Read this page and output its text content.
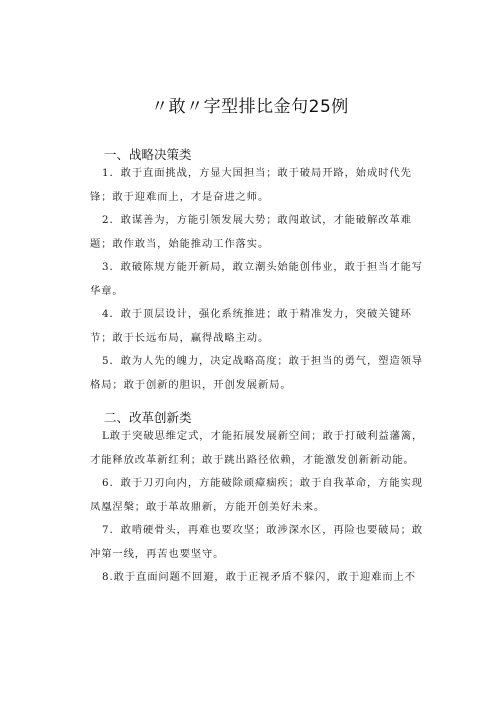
〃敢〃字型排比金句25例
一、战略决策类

1．敢于直面挑战，方显大国担当；敢于破局开路，始成时代先锋；敢于迎难而上，才是奋进之师。

2．敢谋善为，方能引领发展大势；敢闯敢试，才能破解改革难题；敢作敢当，始能推动工作落实。

3．敢破陈规方能开新局，敢立潮头始能创伟业，敢于担当才能写华章。

4．敢于顶层设计，强化系统推进；敢于精准发力，突破关键环节；敢于长远布局，赢得战略主动。

5．敢为人先的魄力，决定战略高度；敢于担当的勇气，塑造领导格局；敢于创新的胆识，开创发展新局。

二、改革创新类

L敢于突破思维定式，才能拓展发展新空间；敢于打破利益藩篱，才能释放改革新红利；敢于跳出路径依赖，才能激发创新新动能。

6．敢于刀刃向内，方能破除顽瘴痼疾；敢于自我革命，方能实现凤凰涅槃；敢于革故鼎新，方能开创美好未来。

7．敢啃硬骨头，再难也要攻坚；敢涉深水区，再险也要破局；敢冲第一线，再苦也要坚守。

8.敢于直面问题不回避，敢于正视矛盾不躲闪，敢于迎难而上不
